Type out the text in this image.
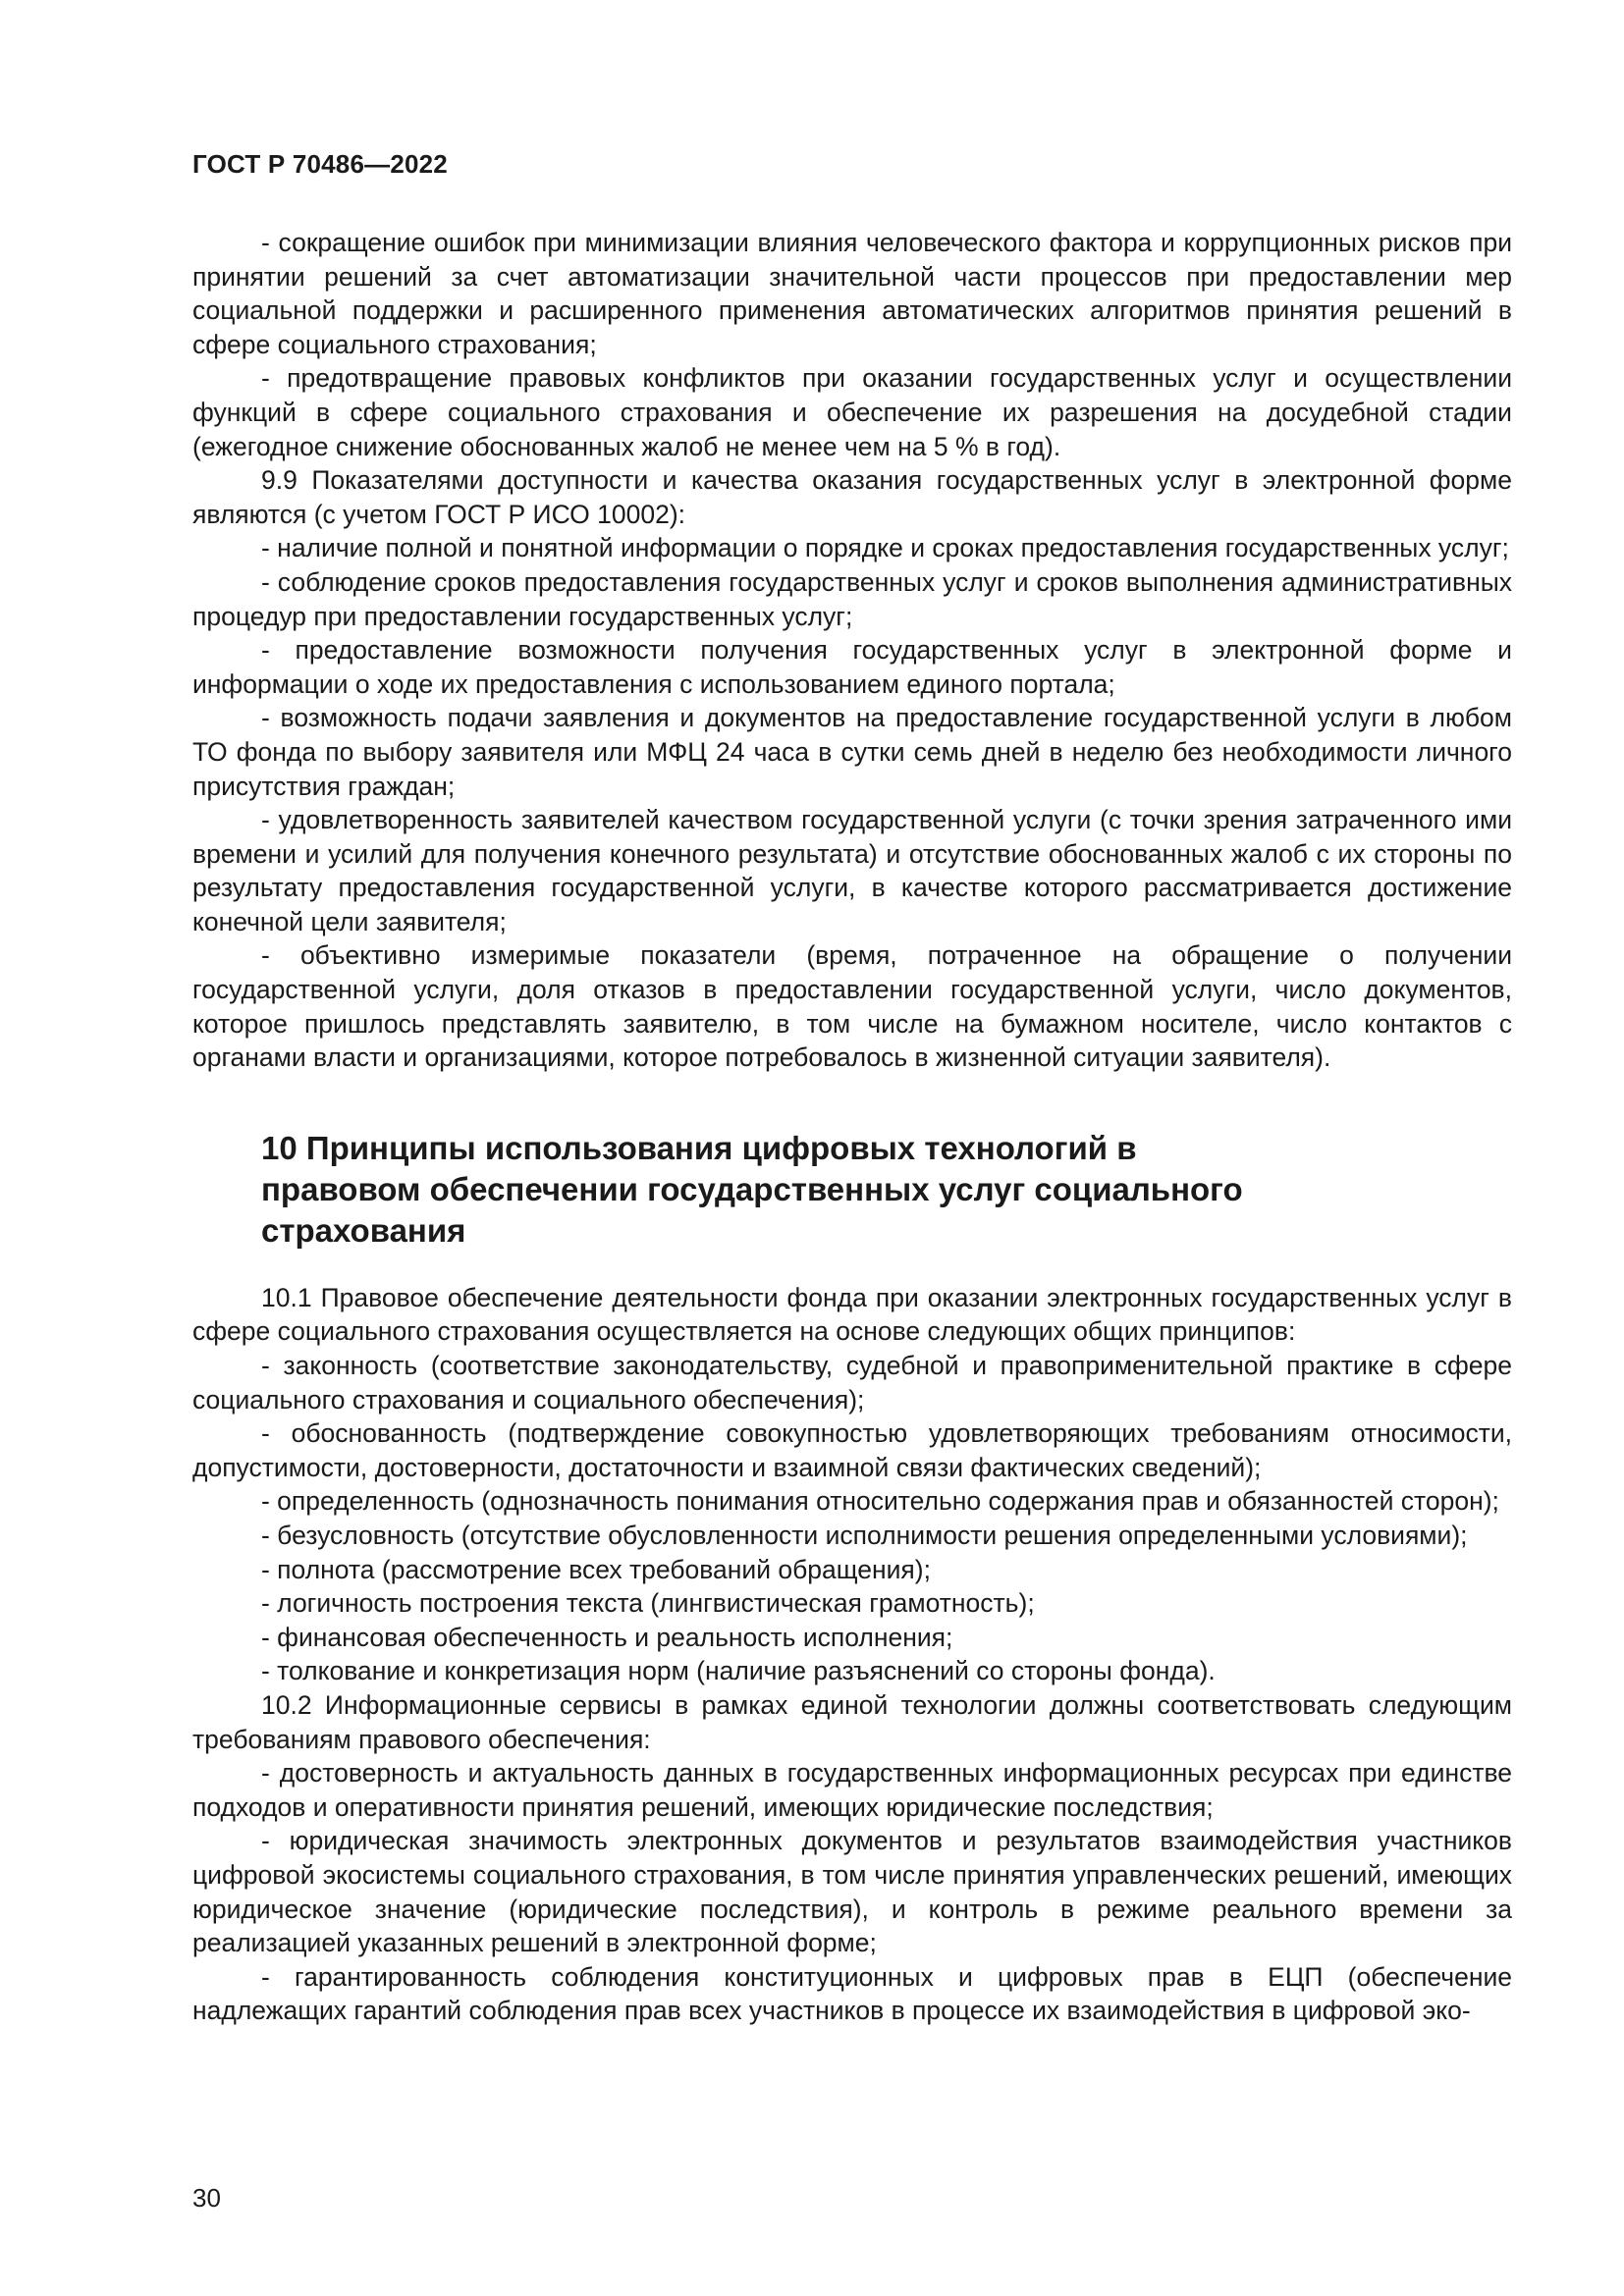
ГОСТ Р 70486—2022

- сокращение ошибок при минимизации влияния человеческого фактора и коррупционных рисков при принятии решений за счет автоматизации значительной части процессов при предоставлении мер социальной поддержки и расширенного применения автоматических алгоритмов принятия решений в сфере социального страхования;

- предотвращение правовых конфликтов при оказании государственных услуг и осуществлении функций в сфере социального страхования и обеспечение их разрешения на досудебной стадии (ежегодное снижение обоснованных жалоб не менее чем на 5 % в год).

9.9 Показателями доступности и качества оказания государственных услуг в электронной форме являются (с учетом ГОСТ Р ИСО 10002):

- наличие полной и понятной информации о порядке и сроках предоставления государственных услуг;

- соблюдение сроков предоставления государственных услуг и сроков выполнения административных процедур при предоставлении государственных услуг;

- предоставление возможности получения государственных услуг в электронной форме и информации о ходе их предоставления с использованием единого портала;

- возможность подачи заявления и документов на предоставление государственной услуги в любом ТО фонда по выбору заявителя или МФЦ 24 часа в сутки семь дней в неделю без необходимости личного присутствия граждан;

- удовлетворенность заявителей качеством государственной услуги (с точки зрения затраченного ими времени и усилий для получения конечного результата) и отсутствие обоснованных жалоб с их стороны по результату предоставления государственной услуги, в качестве которого рассматривается достижение конечной цели заявителя;

- объективно измеримые показатели (время, потраченное на обращение о получении государственной услуги, доля отказов в предоставлении государственной услуги, число документов, которое пришлось представлять заявителю, в том числе на бумажном носителе, число контактов с органами власти и организациями, которое потребовалось в жизненной ситуации заявителя).

10 Принципы использования цифровых технологий в правовом обеспечении государственных услуг социального страхования

10.1 Правовое обеспечение деятельности фонда при оказании электронных государственных услуг в сфере социального страхования осуществляется на основе следующих общих принципов:

- законность (соответствие законодательству, судебной и правоприменительной практике в сфере социального страхования и социального обеспечения);

- обоснованность (подтверждение совокупностью удовлетворяющих требованиям относимости, допустимости, достоверности, достаточности и взаимной связи фактических сведений);

- определенность (однозначность понимания относительно содержания прав и обязанностей сторон);

- безусловность (отсутствие обусловленности исполнимости решения определенными условиями);

- полнота (рассмотрение всех требований обращения);

- логичность построения текста (лингвистическая грамотность);

- финансовая обеспеченность и реальность исполнения;

- толкование и конкретизация норм (наличие разъяснений со стороны фонда).

10.2 Информационные сервисы в рамках единой технологии должны соответствовать следующим требованиям правового обеспечения:

- достоверность и актуальность данных в государственных информационных ресурсах при единстве подходов и оперативности принятия решений, имеющих юридические последствия;

- юридическая значимость электронных документов и результатов взаимодействия участников цифровой экосистемы социального страхования, в том числе принятия управленческих решений, имеющих юридическое значение (юридические последствия), и контроль в режиме реального времени за реализацией указанных решений в электронной форме;

- гарантированность соблюдения конституционных и цифровых прав в ЕЦП (обеспечение надлежащих гарантий соблюдения прав всех участников в процессе их взаимодействия в цифровой эко-

30
